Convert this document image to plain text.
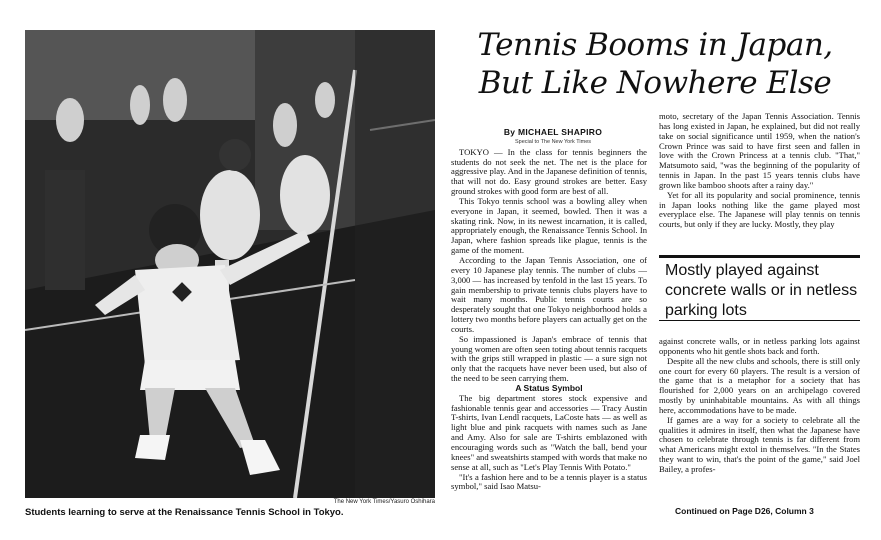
The New York Times/Yasuro Oshihara
Students learning to serve at the Renaissance Tennis School in Tokyo.
Tennis Booms in Japan,
But Like Nowhere Else

By MICHAEL SHAPIRO

Special to The New York Times

TOKYO — In the class for tennis beginners the students do not seek the net. The net is the place for aggressive play. And in the Japanese definition of tennis, that will not do. Easy ground strokes are better. Easy ground strokes with good form are best of all.

This Tokyo tennis school was a bowling alley when everyone in Japan, it seemed, bowled. Then it was a skating rink. Now, in its newest incarnation, it is called, appropriately enough, the Renaissance Tennis School. In Japan, where fashion spreads like plague, tennis is the game of the moment.

According to the Japan Tennis Association, one of every 10 Japanese play tennis. The number of clubs — 3,000 — has increased by tenfold in the last 15 years. To gain membership to private tennis clubs players have to wait many months. Public tennis courts are so desperately sought that one Tokyo neighborhood holds a lottery two months before players can actually get on the courts.

So impassioned is Japan's embrace of tennis that young women are often seen toting about tennis racquets with the grips still wrapped in plastic — a sure sign not only that the racquets have never been used, but also of the need to be seen carrying them.

A Status Symbol

The big department stores stock expensive and fashionable tennis gear and accessories — Tracy Austin T-shirts, Ivan Lendl racquets, LaCoste hats — as well as light blue and pink racquets with names such as Jane and Amy. Also for sale are T-shirts emblazoned with encouraging words such as "Watch the ball, bend your knees" and sweatshirts stamped with words that make no sense at all, such as "Let's Play Tennis With Potato."

"It's a fashion here and to be a tennis player is a status symbol," said Isao Matsu-

moto, secretary of the Japan Tennis Association. Tennis has long existed in Japan, he explained, but did not really take on social significance until 1959, when the nation's Crown Prince was said to have first seen and fallen in love with the Crown Princess at a tennis club. "That," Matsumoto said, "was the beginning of the popularity of tennis in Japan. In the past 15 years tennis clubs have grown like bamboo shoots after a rainy day."

Yet for all its popularity and social prominence, tennis in Japan looks nothing like the game played most everyplace else. The Japanese will play tennis on tennis courts, but only if they are lucky. Mostly, they play

Mostly played against concrete walls or in netless parking lots

against concrete walls, or in netless parking lots against opponents who hit gentle shots back and forth.

Despite all the new clubs and schools, there is still only one court for every 60 players. The result is a version of the game that is a metaphor for a society that has flourished for 2,000 years on an archipelago covered mostly by uninhabitable mountains. As with all things here, accommodations have to be made.

If games are a way for a society to celebrate all the qualities it admires in itself, then what the Japanese have chosen to celebrate through tennis is far different from what Americans might extol in themselves. "In the States they want to win, that's the point of the game," said Joel Bailey, a profes-

Continued on Page D26, Column 3
